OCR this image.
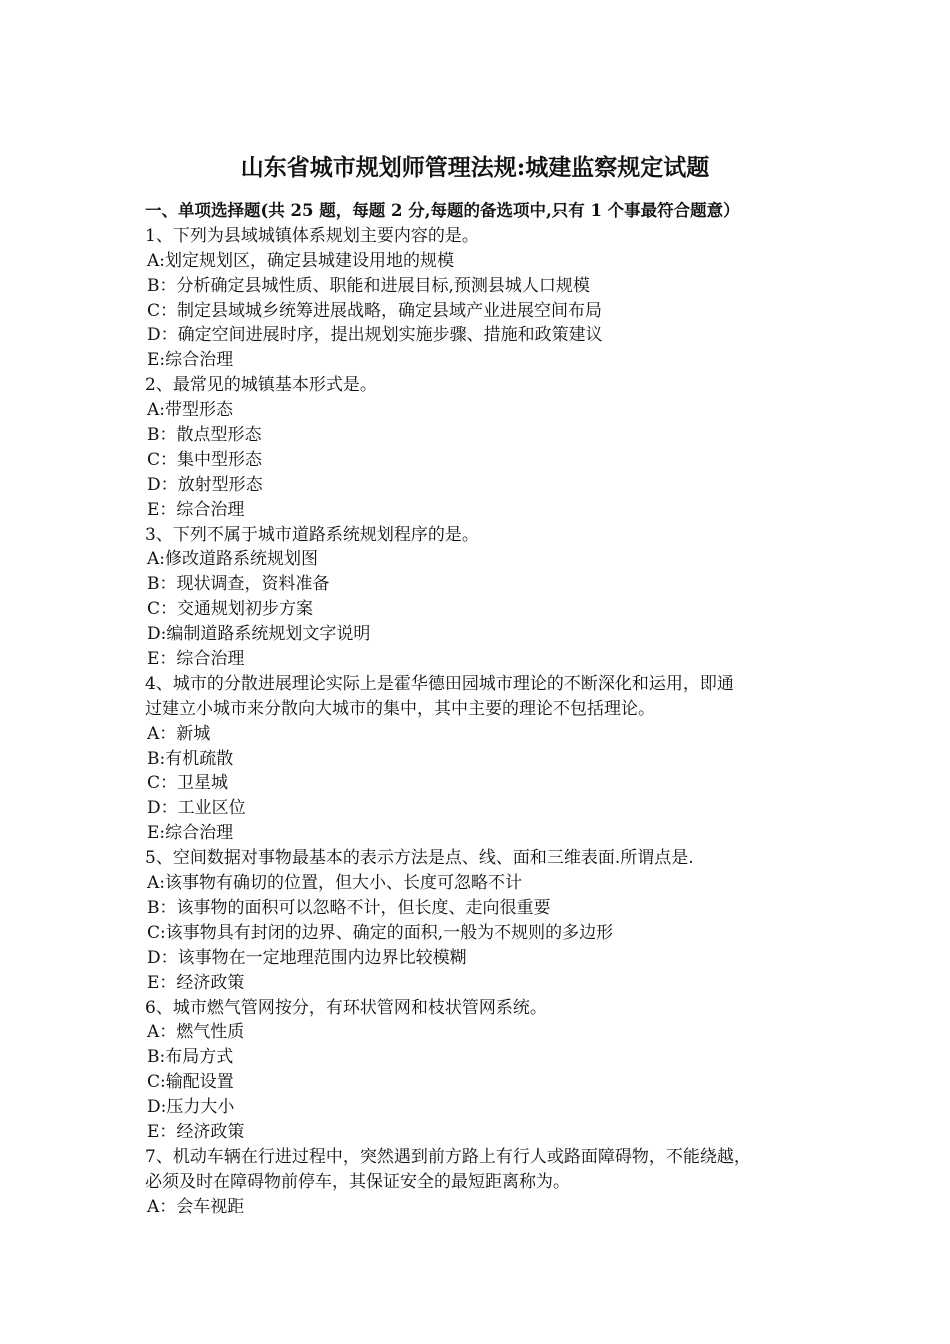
山东省城市规划师管理法规:城建监察规定试题
一、单项选择题(共 25 题，每题 2 分,每题的备选项中,只有 1 个事最符合题意）
1、下列为县域城镇体系规划主要内容的是。
A:划定规划区，确定县城建设用地的规模
B：分析确定县城性质、职能和进展目标,预测县城人口规模
C：制定县域城乡统筹进展战略，确定县域产业进展空间布局
D：确定空间进展时序，提出规划实施步骤、措施和政策建议
E:综合治理
2、最常见的城镇基本形式是。
A:带型形态
B：散点型形态
C：集中型形态
D：放射型形态
E：综合治理
3、下列不属于城市道路系统规划程序的是。
A:修改道路系统规划图
B：现状调查，资料准备
C：交通规划初步方案
D:编制道路系统规划文字说明
E：综合治理
4、城市的分散进展理论实际上是霍华德田园城市理论的不断深化和运用，即通
过建立小城市来分散向大城市的集中，其中主要的理论不包括理论。
A：新城
B:有机疏散
C：卫星城
D：工业区位
E:综合治理
5、空间数据对事物最基本的表示方法是点、线、面和三维表面.所谓点是.
A:该事物有确切的位置，但大小、长度可忽略不计
B：该事物的面积可以忽略不计，但长度、走向很重要
C:该事物具有封闭的边界、确定的面积,一般为不规则的多边形
D：该事物在一定地理范围内边界比较模糊
E：经济政策
6、城市燃气管网按分，有环状管网和枝状管网系统。
A：燃气性质
B:布局方式
C:输配设置
D:压力大小
E：经济政策
7、机动车辆在行进过程中，突然遇到前方路上有行人或路面障碍物，不能绕越，
必须及时在障碍物前停车，其保证安全的最短距离称为。
A：会车视距
